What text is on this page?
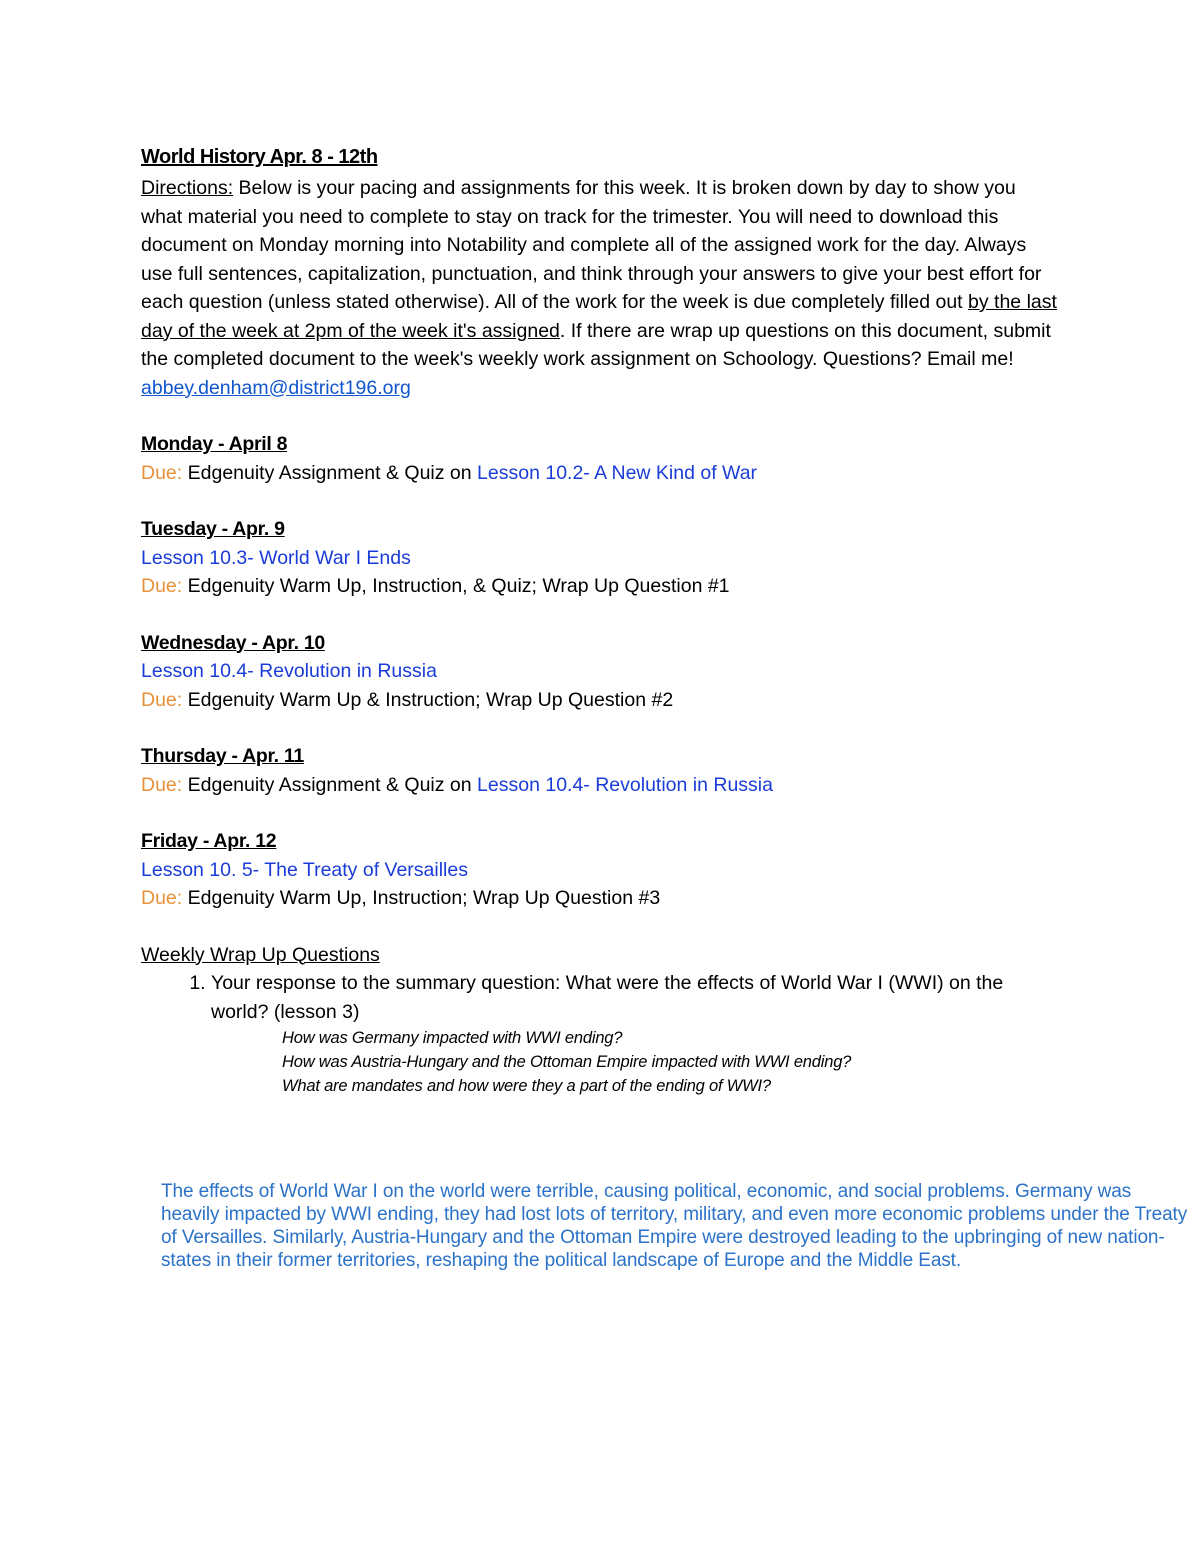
World History Apr. 8 - 12th

Directions: Below is your pacing and assignments for this week. It is broken down by day to show you what material you need to complete to stay on track for the trimester. You will need to download this document on Monday morning into Notability and complete all of the assigned work for the day. Always use full sentences, capitalization, punctuation, and think through your answers to give your best effort for each question (unless stated otherwise). All of the work for the week is due completely filled out by the last day of the week at 2pm of the week it's assigned. If there are wrap up questions on this document, submit the completed document to the week's weekly work assignment on Schoology. Questions? Email me!
abbey.denham@district196.org

Monday - April 8
Due: Edgenuity Assignment & Quiz on Lesson 10.2- A New Kind of War
Tuesday - Apr. 9
Lesson 10.3- World War I Ends
Due: Edgenuity Warm Up, Instruction, & Quiz; Wrap Up Question #1
Wednesday - Apr. 10
Lesson 10.4- Revolution in Russia
Due: Edgenuity Warm Up & Instruction; Wrap Up Question #2
Thursday - Apr. 11
Due: Edgenuity Assignment & Quiz on Lesson 10.4- Revolution in Russia
Friday - Apr. 12
Lesson 10. 5- The Treaty of Versailles
Due: Edgenuity Warm Up, Instruction; Wrap Up Question #3
Weekly Wrap Up Questions
1. Your response to the summary question: What were the effects of World War I (WWI) on the world? (lesson 3)
How was Germany impacted with WWI ending?
How was Austria-Hungary and the Ottoman Empire impacted with WWI ending?
What are mandates and how were they a part of the ending of WWI?

The effects of World War I on the world were terrible, causing political, economic, and social problems. Germany was heavily impacted by WWI ending, they had lost lots of territory, military, and even more economic problems under the Treaty of Versailles. Similarly, Austria-Hungary and the Ottoman Empire were destroyed leading to the upbringing of new nation-states in their former territories, reshaping the political landscape of Europe and the Middle East.
